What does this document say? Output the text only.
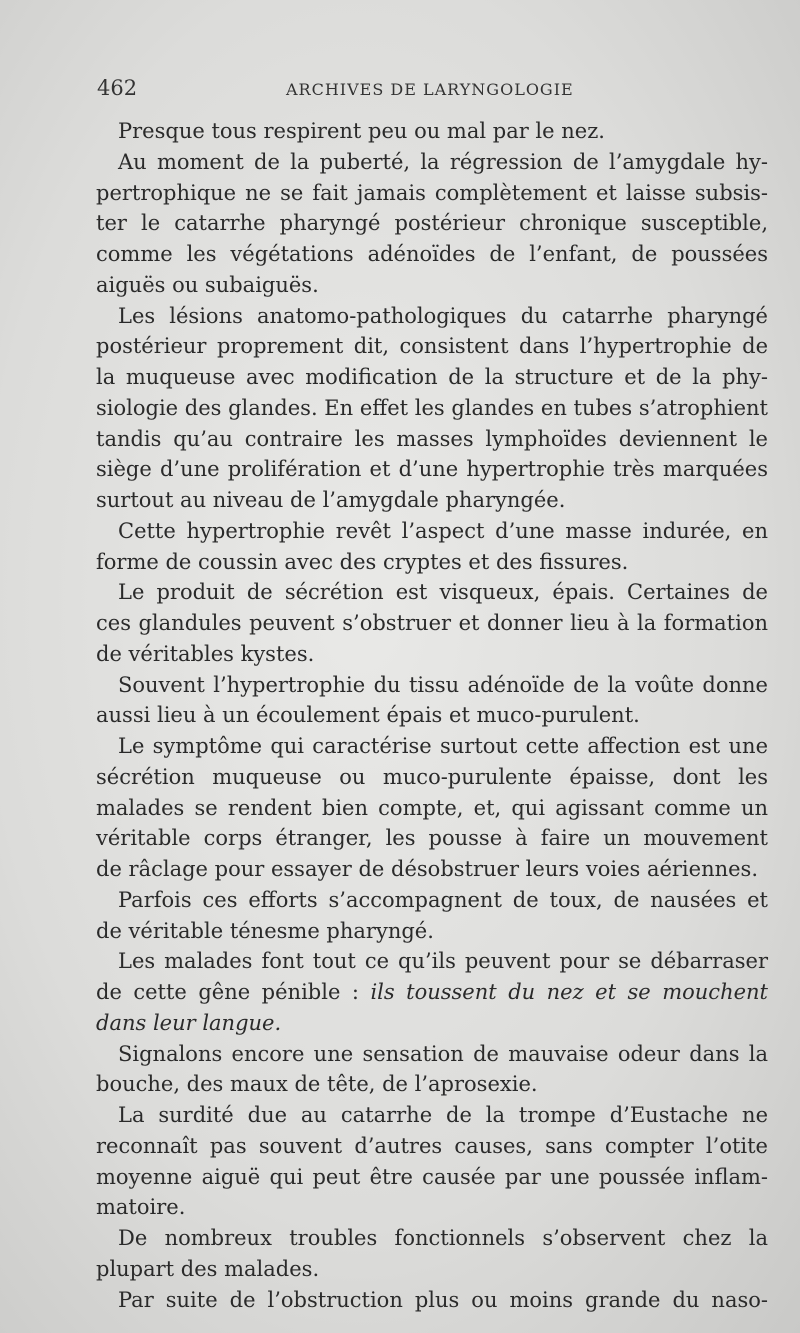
462	ARCHIVES DE LARYNGOLOGIE
Presque tous respirent peu ou mal par le nez.
Au moment de la puberté, la régression de l’amygdale hy-
pertrophique ne se fait jamais complètement et laisse subsis-
ter le catarrhe pharyngé postérieur chronique susceptible,
comme les végétations adénoïdes de l’enfant, de poussées
aiguës ou subaiguës.
Les lésions anatomo-pathologiques du catarrhe pharyngé
postérieur proprement dit, consistent dans l’hypertrophie de
la muqueuse avec modification de la structure et de la phy-
siologie des glandes. En effet les glandes en tubes s’atrophient
tandis qu’au contraire les masses lymphoïdes deviennent le
siège d’une prolifération et d’une hypertrophie très marquées
surtout au niveau de l’amygdale pharyngée.
Cette hypertrophie revêt l’aspect d’une masse indurée, en
forme de coussin avec des cryptes et des fissures.
Le produit de sécrétion est visqueux, épais. Certaines de
ces glandules peuvent s’obstruer et donner lieu à la formation
de véritables kystes.
Souvent l’hypertrophie du tissu adénoïde de la voûte donne
aussi lieu à un écoulement épais et muco-purulent.
Le symptôme qui caractérise surtout cette affection est une
sécrétion muqueuse ou muco-purulente épaisse, dont les
malades se rendent bien compte, et, qui agissant comme un
véritable corps étranger, les pousse à faire un mouvement
de râclage pour essayer de désobstruer leurs voies aériennes.
Parfois ces efforts s’accompagnent de toux, de nausées et
de véritable ténesme pharyngé.
Les malades font tout ce qu’ils peuvent pour se débarraser
de cette gêne pénible : ils toussent du nez et se mouchent
dans leur langue.
Signalons encore une sensation de mauvaise odeur dans la
bouche, des maux de tête, de l’aprosexie.
La surdité due au catarrhe de la trompe d’Eustache ne
reconnaît pas souvent d’autres causes, sans compter l’otite
moyenne aiguë qui peut être causée par une poussée inflam-
matoire.
De nombreux troubles fonctionnels s’observent chez la
plupart des malades.
Par suite de l’obstruction plus ou moins grande du naso-
